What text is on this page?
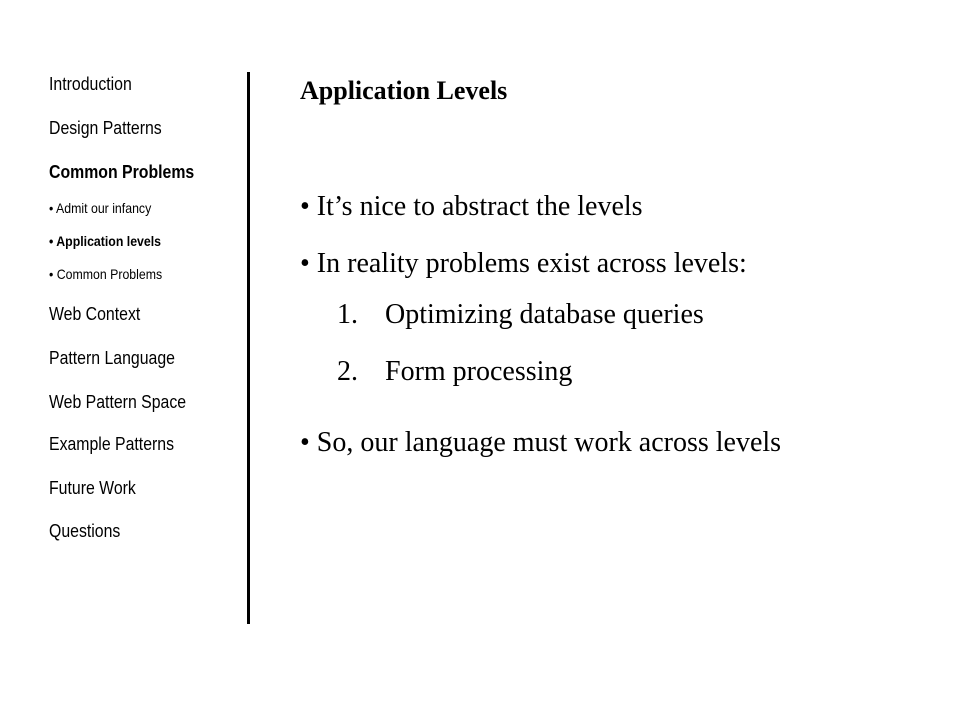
Introduction
Design Patterns
Common Problems
• Admit our infancy
• Application levels
• Common Problems
Web Context
Pattern Language
Web Pattern Space
Example Patterns
Future Work
Questions
Application Levels
• It’s nice to abstract the levels
• In reality problems exist across levels:
1. Optimizing database queries
2. Form processing
• So, our language must work across levels
